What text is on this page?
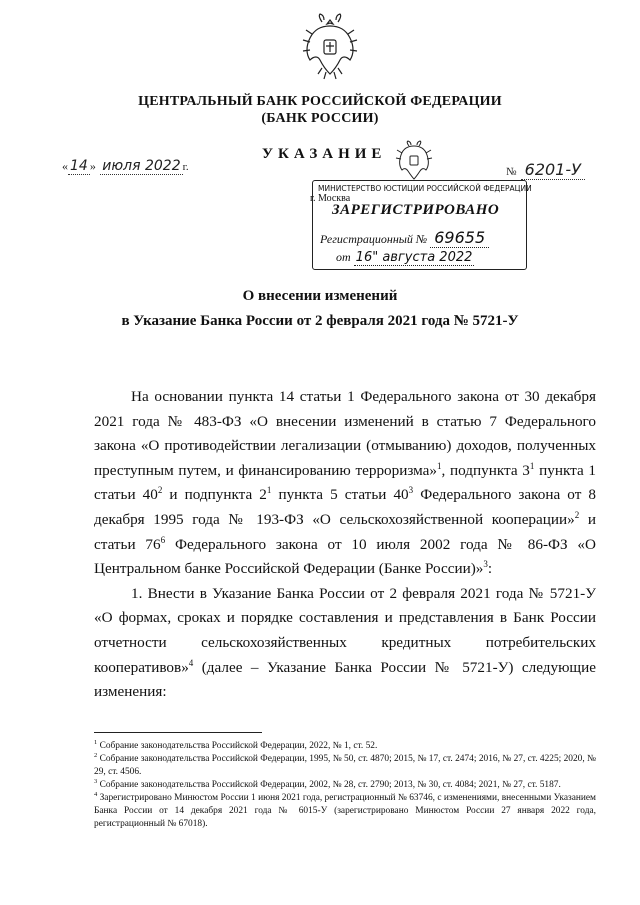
ЦЕНТРАЛЬНЫЙ БАНК РОССИЙСКОЙ ФЕДЕРАЦИИ
(БАНК РОССИИ)
УКАЗАНИЕ
« 14 » июля 2022 г.	№ 6201-У
г. Москва
МИНИСТЕРСТВО ЮСТИЦИИ РОССИЙСКОЙ ФЕДЕРАЦИИ
ЗАРЕГИСТРИРОВАНО
Регистрационный № 69655
от 16" августа 2022
О внесении изменений
в Указание Банка России от 2 февраля 2021 года № 5721-У

На основании пункта 14 статьи 1 Федерального закона от 30 декабря 2021 года № 483-ФЗ «О внесении изменений в статью 7 Федерального закона «О противодействии легализации (отмыванию) доходов, полученных преступным путем, и финансированию терроризма»$^1$, подпункта $3^1$ пункта 1 статьи $40^2$ и подпункта $2^1$ пункта 5 статьи $40^3$ Федерального закона от 8 декабря 1995 года № 193-ФЗ «О сельскохозяйственной кооперации»$^2$ и статьи $76^6$ Федерального закона от 10 июля 2002 года № 86-ФЗ «О Центральном банке Российской Федерации (Банке России)»$^3$:

1. Внести в Указание Банка России от 2 февраля 2021 года № 5721-У «О формах, сроках и порядке составления и представления в Банк России отчетности сельскохозяйственных кредитных потребительских кооперативов»$^4$ (далее – Указание Банка России № 5721-У) следующие изменения:

$^1$ Собрание законодательства Российской Федерации, 2022, № 1, ст. 52.

$^2$ Собрание законодательства Российской Федерации, 1995, № 50, ст. 4870; 2015, № 17, ст. 2474; 2016, № 27, ст. 4225; 2020, № 29, ст. 4506.

$^3$ Собрание законодательства Российской Федерации, 2002, № 28, ст. 2790; 2013, № 30, ст. 4084; 2021, № 27, ст. 5187.

$^4$ Зарегистрировано Минюстом России 1 июня 2021 года, регистрационный № 63746, с изменениями, внесенными Указанием Банка России от 14 декабря 2021 года № 6015-У (зарегистрировано Минюстом России 27 января 2022 года, регистрационный № 67018).
